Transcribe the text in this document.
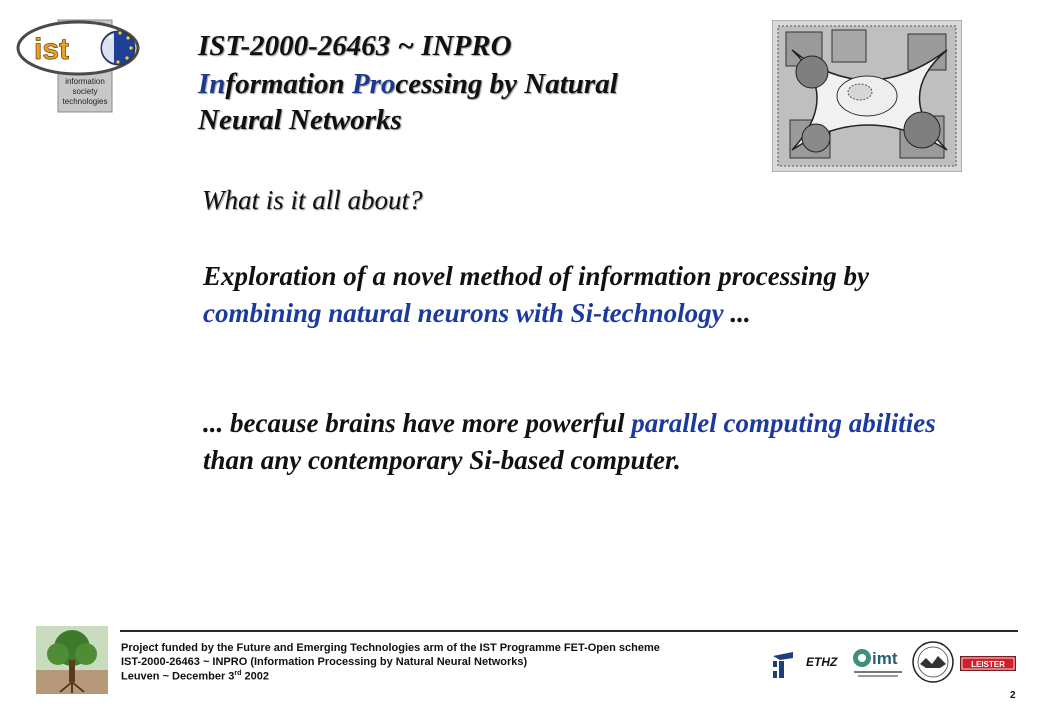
ist
information
society
technologies
IST-2000-26463 ~ INPRO
Information Processing by Natural
Neural Networks
What is it all about?
Exploration of a novel method of information processing by combining natural neurons with Si-technology ...
... because brains have more powerful parallel computing abilities than any contemporary Si-based computer.
Project funded by the Future and Emerging Technologies arm of the IST Programme FET-Open scheme
IST-2000-26463 ~ INPRO (Information Processing by Natural Neural Networks)
Leuven ~ December 3rd 2002
ETHZ imt	LEISTER
2
